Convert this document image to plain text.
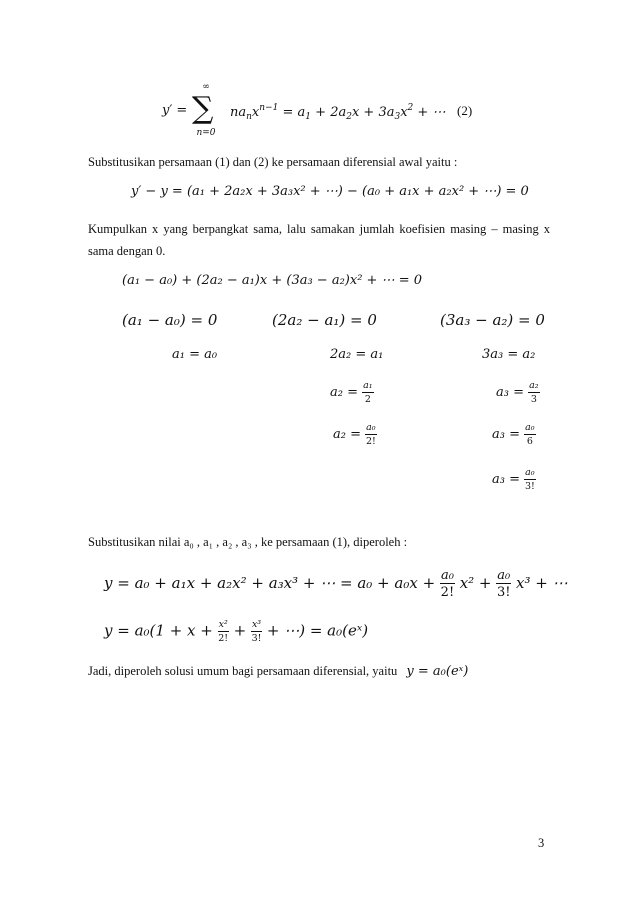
y′ =
∞
∑
n=0
$na_nx^{n-1} = a_1 + 2a_2x + 3a_3x^2$ + ⋯ (2)
Substitusikan persamaan (1) dan (2) ke persamaan diferensial awal yaitu :
y′ − y = (a₁ + 2a₂x + 3a₃x² + ⋯) − (a₀ + a₁x + a₂x² + ⋯) = 0
Kumpulkan x yang berpangkat sama, lalu samakan jumlah koefisien masing – masing x sama dengan 0.
(a₁ − a₀) + (2a₂ − a₁)x + (3a₃ − a₂)x² + ⋯ = 0
(a₁ − a₀) = 0
a₁ = a₀
(2a₂ − a₁) = 0
2a₂ = a₁
$a_2 = \frac{\text{a₁}}{2}$
$a_2 = \frac{\text{a₀}}{2!}$
(3a₃ − a₂) = 0
3a₃ = a₂
$a_3 = \frac{\text{a₂}}{3}$
$a_3 = \frac{\text{a₀}}{6}$
$a_3 = \frac{\text{a₀}}{3!}$
Substitusikan nilai a₀ , a₁ , a₂ , a₃ , ke persamaan (1), diperoleh :
y = a₀ + a₁x + a₂x² + a₃x³ + ⋯ = $a_0 + a_0x + \frac{\text{a₀}}{2!} x^2 + \frac{\text{a₀}}{3!} x^3$ + ⋯
$y = a_0(1 + x + \frac{\text{x²}}{2!} + \frac{\text{x³}}{3!}$ + ⋯) = a₀(eˣ)
Jadi, diperoleh solusi umum bagi persamaan diferensial, yaitu y = a₀(eˣ)
3
